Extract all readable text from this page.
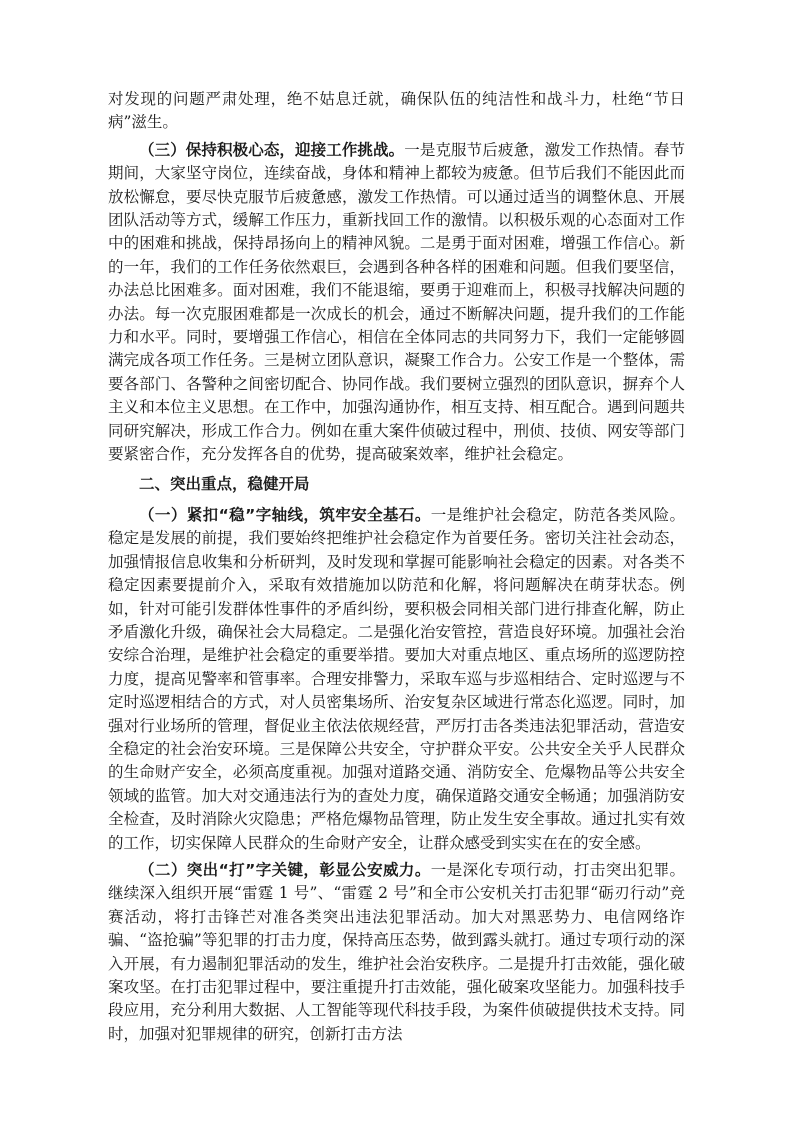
对发现的问题严肃处理，绝不姑息迁就，确保队伍的纯洁性和战斗力，杜绝“节日病”滋生。

（三）保持积极心态，迎接工作挑战。一是克服节后疲惫，激发工作热情。春节期间，大家坚守岗位，连续奋战，身体和精神上都较为疲惫。但节后我们不能因此而放松懈怠，要尽快克服节后疲惫感，激发工作热情。可以通过适当的调整休息、开展团队活动等方式，缓解工作压力，重新找回工作的激情。以积极乐观的心态面对工作中的困难和挑战，保持昂扬向上的精神风貌。二是勇于面对困难，增强工作信心。新的一年，我们的工作任务依然艰巨，会遇到各种各样的困难和问题。但我们要坚信，办法总比困难多。面对困难，我们不能退缩，要勇于迎难而上，积极寻找解决问题的办法。每一次克服困难都是一次成长的机会，通过不断解决问题，提升我们的工作能力和水平。同时，要增强工作信心，相信在全体同志的共同努力下，我们一定能够圆满完成各项工作任务。三是树立团队意识，凝聚工作合力。公安工作是一个整体，需要各部门、各警种之间密切配合、协同作战。我们要树立强烈的团队意识，摒弃个人主义和本位主义思想。在工作中，加强沟通协作，相互支持、相互配合。遇到问题共同研究解决，形成工作合力。例如在重大案件侦破过程中，刑侦、技侦、网安等部门要紧密合作，充分发挥各自的优势，提高破案效率，维护社会稳定。

二、突出重点，稳健开局

（一）紧扣“稳”字轴线，筑牢安全基石。一是维护社会稳定，防范各类风险。稳定是发展的前提，我们要始终把维护社会稳定作为首要任务。密切关注社会动态，加强情报信息收集和分析研判，及时发现和掌握可能影响社会稳定的因素。对各类不稳定因素要提前介入，采取有效措施加以防范和化解，将问题解决在萌芽状态。例如，针对可能引发群体性事件的矛盾纠纷，要积极会同相关部门进行排查化解，防止矛盾激化升级，确保社会大局稳定。二是强化治安管控，营造良好环境。加强社会治安综合治理，是维护社会稳定的重要举措。要加大对重点地区、重点场所的巡逻防控力度，提高见警率和管事率。合理安排警力，采取车巡与步巡相结合、定时巡逻与不定时巡逻相结合的方式，对人员密集场所、治安复杂区域进行常态化巡逻。同时，加强对行业场所的管理，督促业主依法依规经营，严厉打击各类违法犯罪活动，营造安全稳定的社会治安环境。三是保障公共安全，守护群众平安。公共安全关乎人民群众的生命财产安全，必须高度重视。加强对道路交通、消防安全、危爆物品等公共安全领域的监管。加大对交通违法行为的查处力度，确保道路交通安全畅通；加强消防安全检查，及时消除火灾隐患；严格危爆物品管理，防止发生安全事故。通过扎实有效的工作，切实保障人民群众的生命财产安全，让群众感受到实实在在的安全感。

（二）突出“打”字关键，彰显公安威力。一是深化专项行动，打击突出犯罪。继续深入组织开展“雷霆 1 号”、“雷霆 2 号”和全市公安机关打击犯罪“砺刃行动”竞赛活动，将打击锋芒对准各类突出违法犯罪活动。加大对黑恶势力、电信网络诈骗、“盗抢骗”等犯罪的打击力度，保持高压态势，做到露头就打。通过专项行动的深入开展，有力遏制犯罪活动的发生，维护社会治安秩序。二是提升打击效能，强化破案攻坚。在打击犯罪过程中，要注重提升打击效能，强化破案攻坚能力。加强科技手段应用，充分利用大数据、人工智能等现代科技手段，为案件侦破提供技术支持。同时，加强对犯罪规律的研究，创新打击方法
